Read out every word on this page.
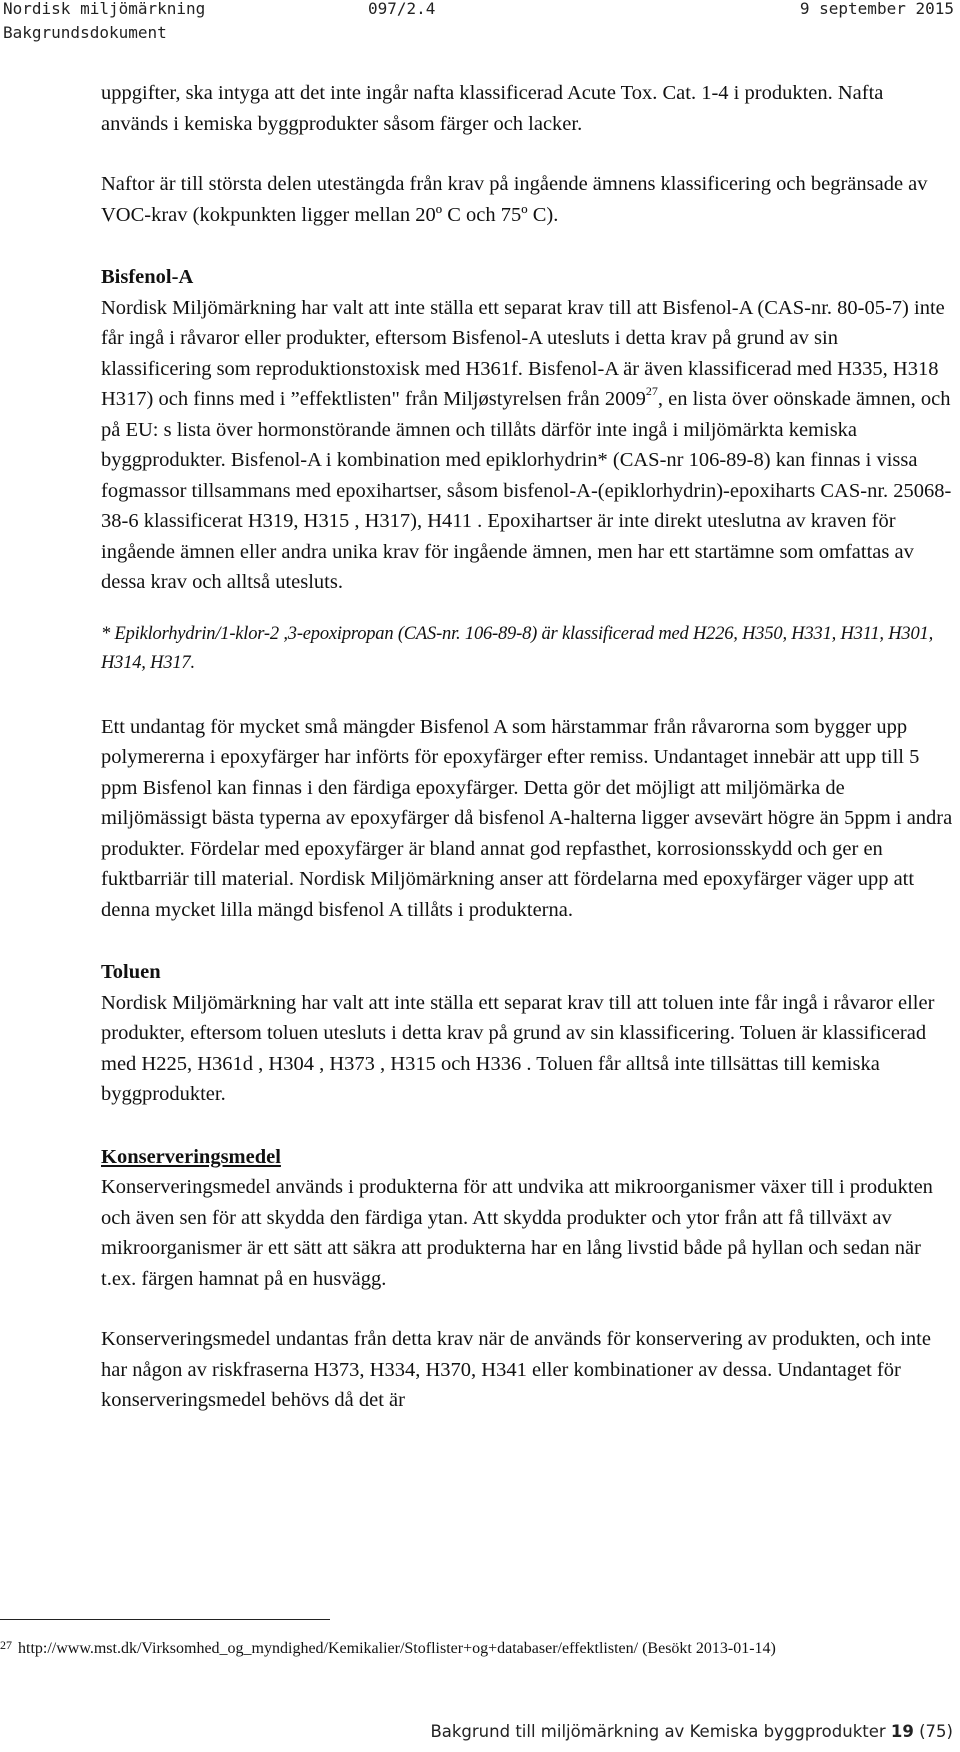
Nordisk miljömärkning
Bakgrundsdokument
097/2.4	9 september 2015

uppgifter, ska intyga att det inte ingår nafta klassificerad Acute Tox. Cat. 1-4 i produkten. Nafta används i kemiska byggprodukter såsom färger och lacker.

Naftor är till största delen utestängda från krav på ingående ämnens klassificering och begränsade av VOC-krav (kokpunkten ligger mellan 20º C och 75º C).

Bisfenol-A

Nordisk Miljömärkning har valt att inte ställa ett separat krav till att Bisfenol-A (CAS-nr. 80-05-7) inte får ingå i råvaror eller produkter, eftersom Bisfenol-A utesluts i detta krav på grund av sin klassificering som reproduktionstoxisk med H361f. Bisfenol-A är även klassificerad med H335, H318 H317) och finns med i ”effektlisten" från Miljøstyrelsen från 2009$^{27}$, en lista över oönskade ämnen, och på EU: s lista över hormonstörande ämnen och tillåts därför inte ingå i miljömärkta kemiska byggprodukter. Bisfenol-A i kombination med epiklorhydrin* (CAS-nr 106-89-8) kan finnas i vissa fogmassor tillsammans med epoxihartser, såsom bisfenol-A-(epiklorhydrin)-epoxiharts CAS-nr. 25068-38-6 klassificerat H319, H315 , H317), H411 . Epoxihartser är inte direkt uteslutna av kraven för ingående ämnen eller andra unika krav för ingående ämnen, men har ett startämne som omfattas av dessa krav och alltså utesluts.

* Epiklorhydrin/1-klor-2 ,3-epoxipropan (CAS-nr. 106-89-8) är klassificerad med H226, H350, H331, H311, H301, H314, H317.

Ett undantag för mycket små mängder Bisfenol A som härstammar från råvarorna som bygger upp polymererna i epoxyfärger har införts för epoxyfärger efter remiss. Undantaget innebär att upp till 5 ppm Bisfenol kan finnas i den färdiga epoxyfärger. Detta gör det möjligt att miljömärka de miljömässigt bästa typerna av epoxyfärger då bisfenol A-halterna ligger avsevärt högre än 5ppm i andra produkter. Fördelar med epoxyfärger är bland annat god repfasthet, korrosionsskydd och ger en fuktbarriär till material. Nordisk Miljömärkning anser att fördelarna med epoxyfärger väger upp att denna mycket lilla mängd bisfenol A tillåts i produkterna.

Toluen

Nordisk Miljömärkning har valt att inte ställa ett separat krav till att toluen inte får ingå i råvaror eller produkter, eftersom toluen utesluts i detta krav på grund av sin klassificering. Toluen är klassificerad med H225, H361d , H304 , H373 , H315 och H336 . Toluen får alltså inte tillsättas till kemiska byggprodukter.

Konserveringsmedel

Konserveringsmedel används i produkterna för att undvika att mikroorganismer växer till i produkten och även sen för att skydda den färdiga ytan. Att skydda produkter och ytor från att få tillväxt av mikroorganismer är ett sätt att säkra att produkterna har en lång livstid både på hyllan och sedan när t.ex. färgen hamnat på en husvägg.

Konserveringsmedel undantas från detta krav när de används för konservering av produkten, och inte har någon av riskfraserna H373, H334, H370, H341 eller kombinationer av dessa. Undantaget för konserveringsmedel behövs då det är

$^{27}$ http://www.mst.dk/Virksomhed_og_myndighed/Kemikalier/Stoflister+og+databaser/effektlisten/ (Besökt 2013-01-14)
Bakgrund till miljömärkning av Kemiska byggprodukter 19 (75)
